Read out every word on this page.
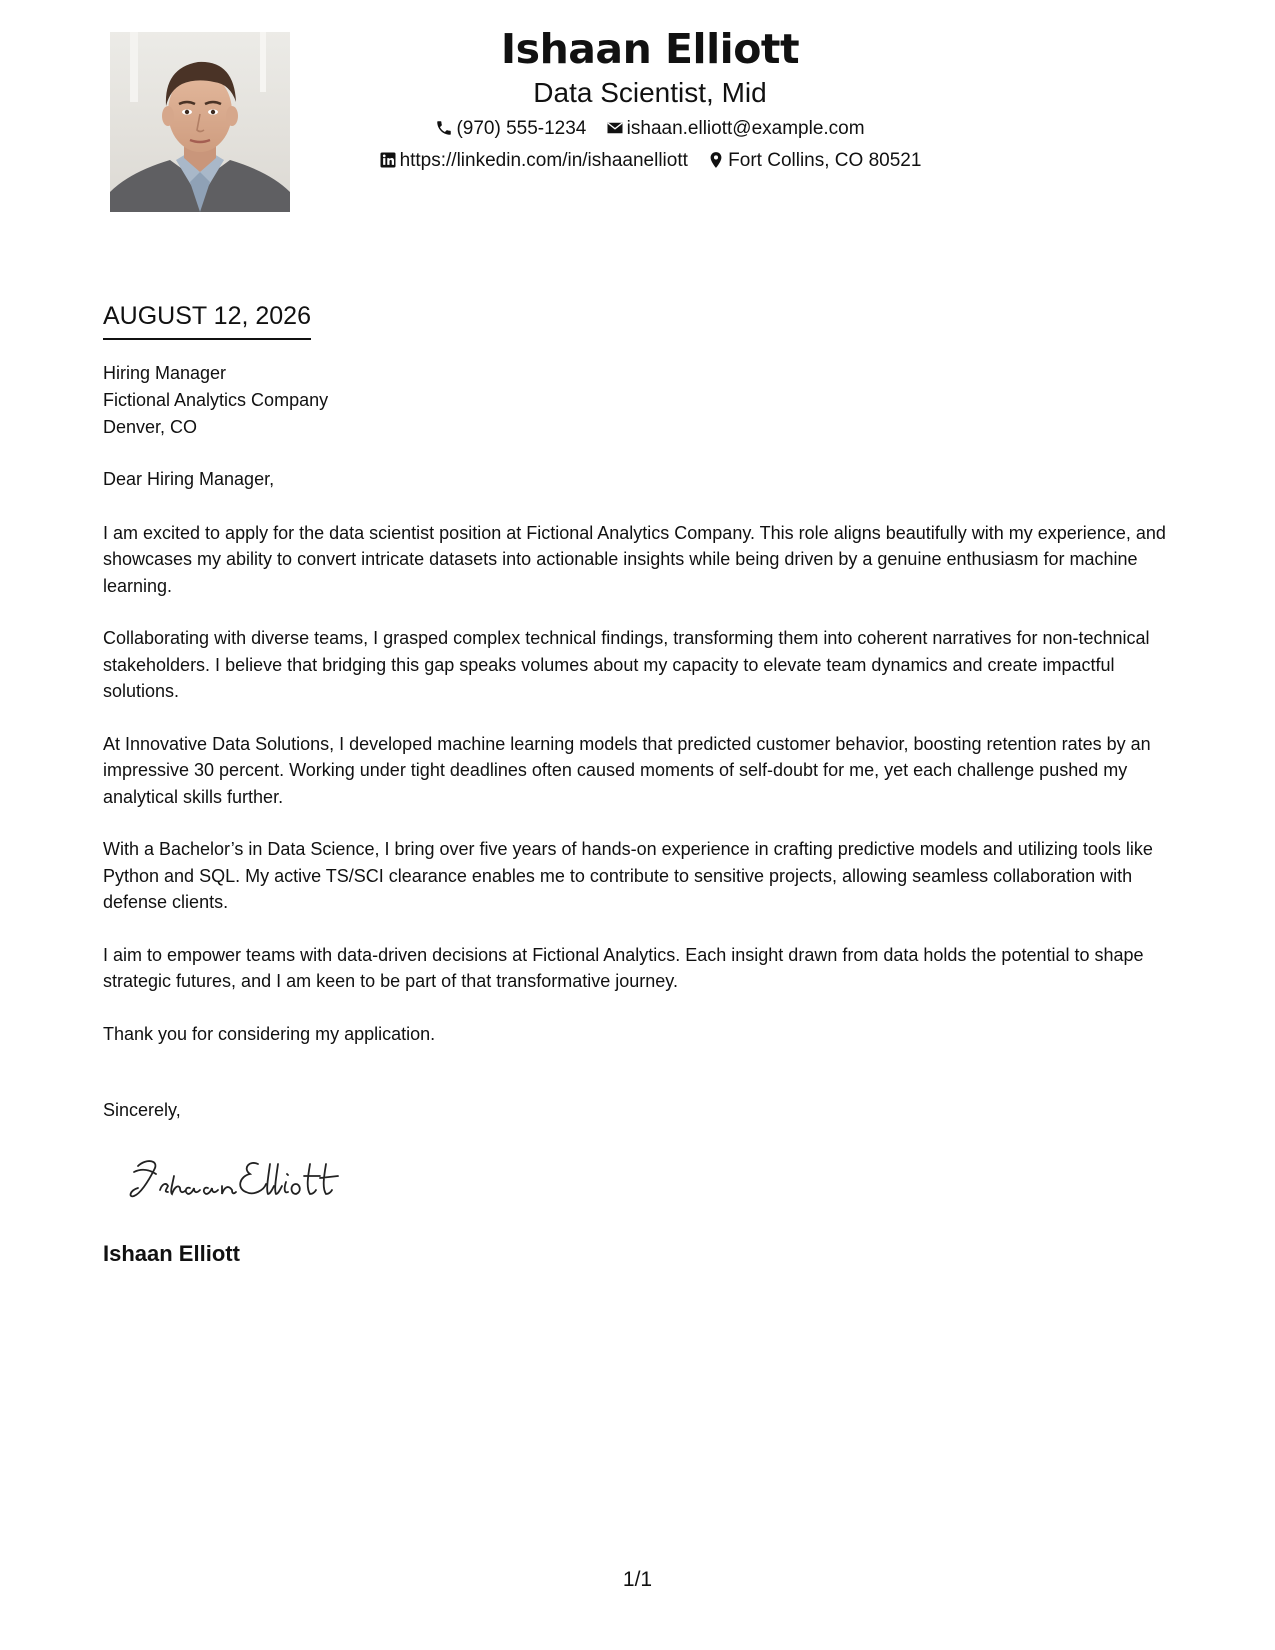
Ishaan Elliott
Data Scientist, Mid
(970) 555-1234 ishaan.elliott@example.com
https://linkedin.com/in/ishaanelliott Fort Collins, CO 80521
AUGUST 12, 2026
Hiring Manager
Fictional Analytics Company
Denver, CO

Dear Hiring Manager,

I am excited to apply for the data scientist position at Fictional Analytics Company. This role aligns beautifully with my experience, and showcases my ability to convert intricate datasets into actionable insights while being driven by a genuine enthusiasm for machine learning.

Collaborating with diverse teams, I grasped complex technical findings, transforming them into coherent narratives for non-technical stakeholders. I believe that bridging this gap speaks volumes about my capacity to elevate team dynamics and create impactful solutions.

At Innovative Data Solutions, I developed machine learning models that predicted customer behavior, boosting retention rates by an impressive 30 percent. Working under tight deadlines often caused moments of self-doubt for me, yet each challenge pushed my analytical skills further.

With a Bachelor’s in Data Science, I bring over five years of hands-on experience in crafting predictive models and utilizing tools like Python and SQL. My active TS/SCI clearance enables me to contribute to sensitive projects, allowing seamless collaboration with defense clients.

I aim to empower teams with data-driven decisions at Fictional Analytics. Each insight drawn from data holds the potential to shape strategic futures, and I am keen to be part of that transformative journey.

Thank you for considering my application.

Sincerely,
Ishaan Elliott
1/1
